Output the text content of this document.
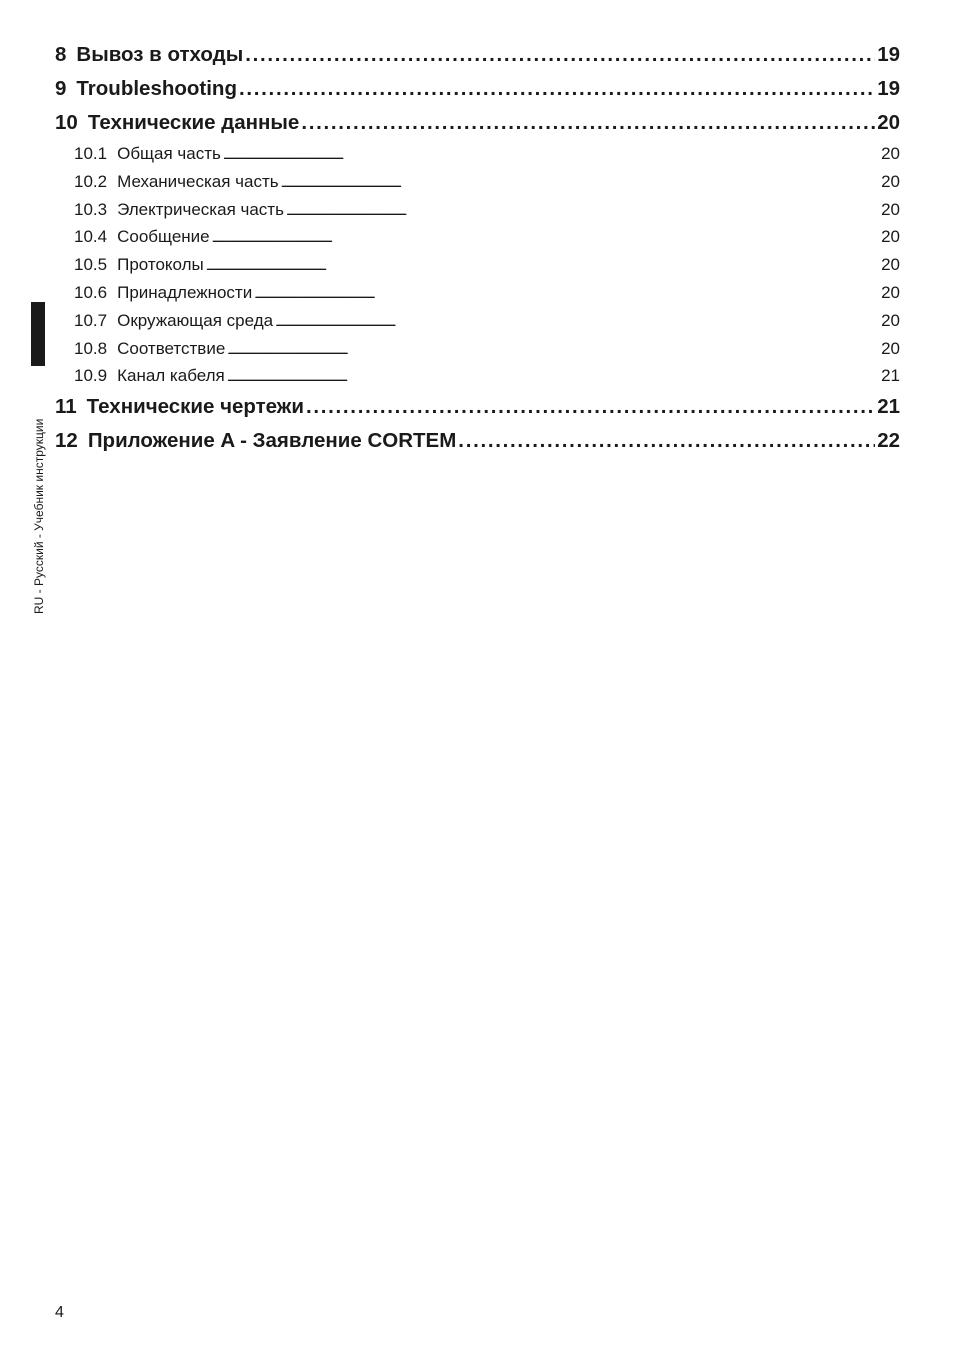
RU - Русский - Учебник инструкции
8 Вывоз в отходы . . .	19
9 Troubleshooting . . .	19
10 Технические данные . . .	20
10.1 Общая часть . . .	20
10.2 Механическая часть . . .	20
10.3 Электрическая часть . . .	20
10.4 Сообщение . . .	20
10.5 Протоколы . . .	20
10.6 Принадлежности . . .	20
10.7 Окружающая среда . . .	20
10.8 Соответствие . . .	20
10.9 Канал кабеля . . .	21
11 Технические чертежи . . .	21
12 Приложение A - Заявление CORTEM . . .	22
4
